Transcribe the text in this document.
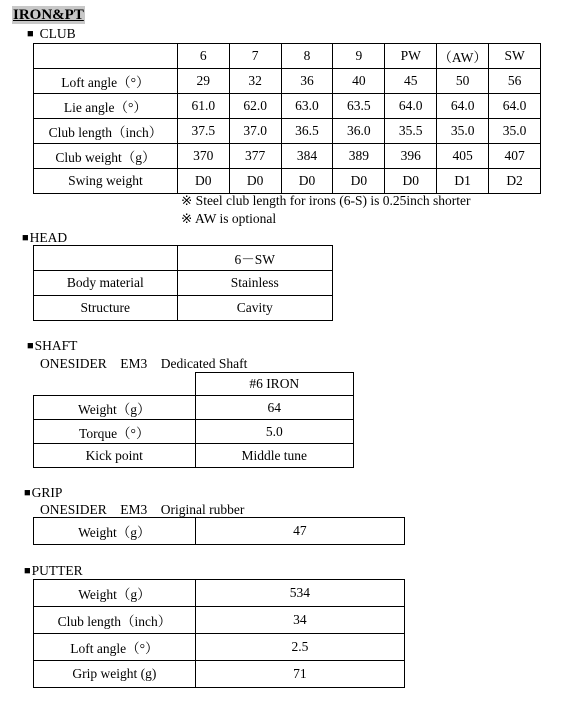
IRON&PT
■ CLUB
	6	7	8	9	PW	（AW）	SW
Loft angle（°）	29	32	36	40	45	50	56
Lie angle（°）	61.0	62.0	63.0	63.5	64.0	64.0	64.0
Club length（inch）	37.5	37.0	36.5	36.0	35.5	35.0	35.0
Club weight（g）	370	377	384	389	396	405	407
Swing weight	D0	D0	D0	D0	D0	D1	D2
※ Steel club length for irons (6-S) is 0.25inch shorter
※ AW is optional
■HEAD
	6－SW
Body material	Stainless
Structure	Cavity
■SHAFT
ONESIDER　EM3　Dedicated Shaft
	#6 IRON
Weight（g）	64
Torque（°）	5.0
Kick point	Middle tune
■GRIP
ONESIDER　EM3　Original rubber
Weight（g）	47
■PUTTER
Weight（g）	534
Club length（inch）	34
Loft angle（°）	2.5
Grip weight (g)	71
